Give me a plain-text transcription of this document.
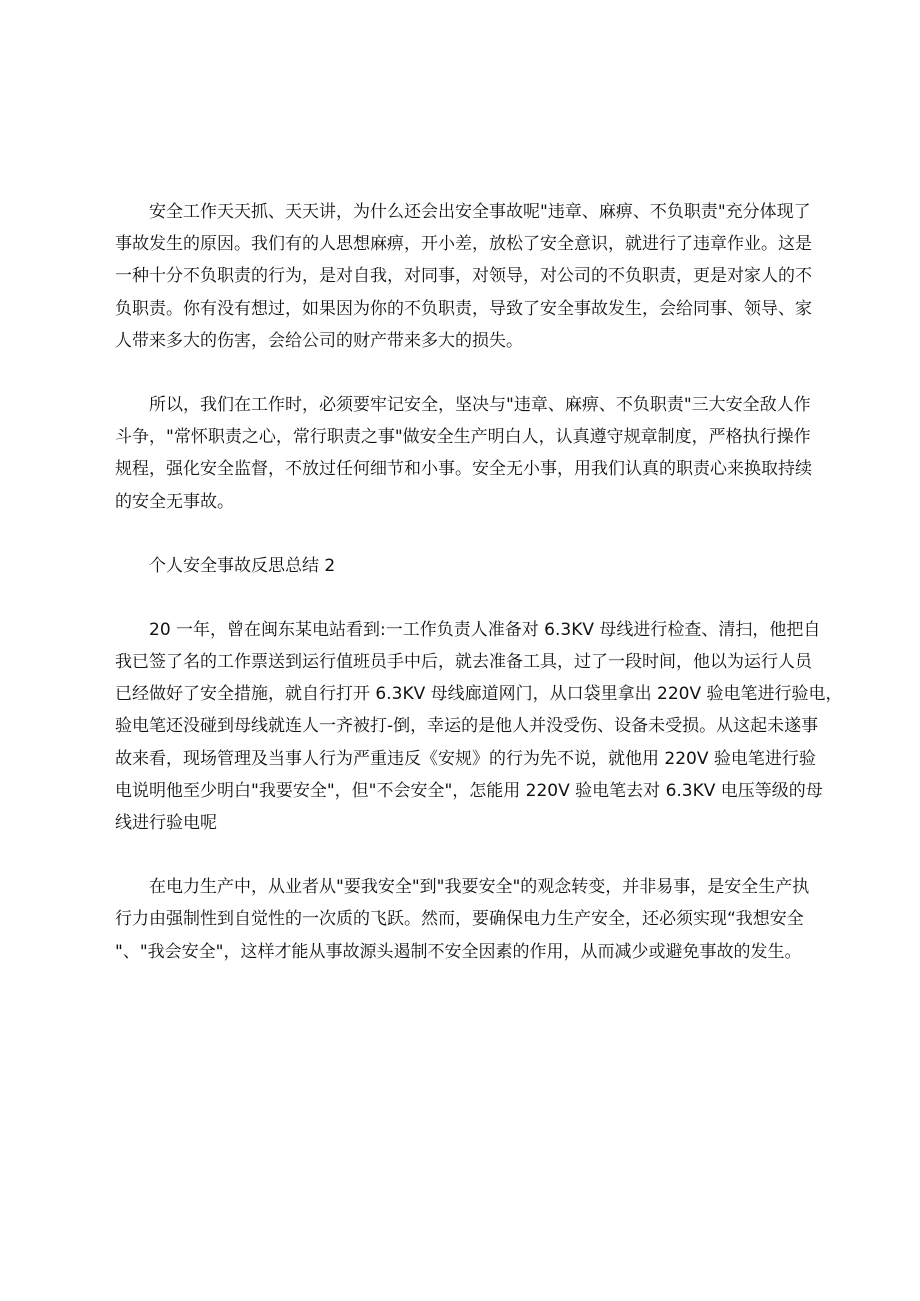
安全工作天天抓、天天讲，为什么还会出安全事故呢"违章、麻痹、不负职责"充分体现了
事故发生的原因。我们有的人思想麻痹，开小差，放松了安全意识，就进行了违章作业。这是
一种十分不负职责的行为，是对自我，对同事，对领导，对公司的不负职责，更是对家人的不
负职责。你有没有想过，如果因为你的不负职责，导致了安全事故发生，会给同事、领导、家
人带来多大的伤害，会给公司的财产带来多大的损失。
所以，我们在工作时，必须要牢记安全，坚决与"违章、麻痹、不负职责"三大安全敌人作
斗争，"常怀职责之心，常行职责之事"做安全生产明白人，认真遵守规章制度，严格执行操作
规程，强化安全监督，不放过任何细节和小事。安全无小事，用我们认真的职责心来换取持续
的安全无事故。
个人安全事故反思总结 2
20 一年，曾在闽东某电站看到:一工作负责人准备对 6.3KV 母线进行检查、清扫，他把自
我已签了名的工作票送到运行值班员手中后，就去准备工具，过了一段时间，他以为运行人员
已经做好了安全措施，就自行打开 6.3KV 母线廊道网门，从口袋里拿出 220V 验电笔进行验电，
验电笔还没碰到母线就连人一齐被打-倒，幸运的是他人并没受伤、设备未受损。从这起未遂事
故来看，现场管理及当事人行为严重违反《安规》的行为先不说，就他用 220V 验电笔进行验
电说明他至少明白"我要安全"，但"不会安全"，怎能用 220V 验电笔去对 6.3KV 电压等级的母
线进行验电呢
在电力生产中，从业者从"要我安全"到"我要安全"的观念转变，并非易事，是安全生产执
行力由强制性到自觉性的一次质的飞跃。然而，要确保电力生产安全，还必须实现“我想安全
"、"我会安全"，这样才能从事故源头遏制不安全因素的作用，从而减少或避免事故的发生。
